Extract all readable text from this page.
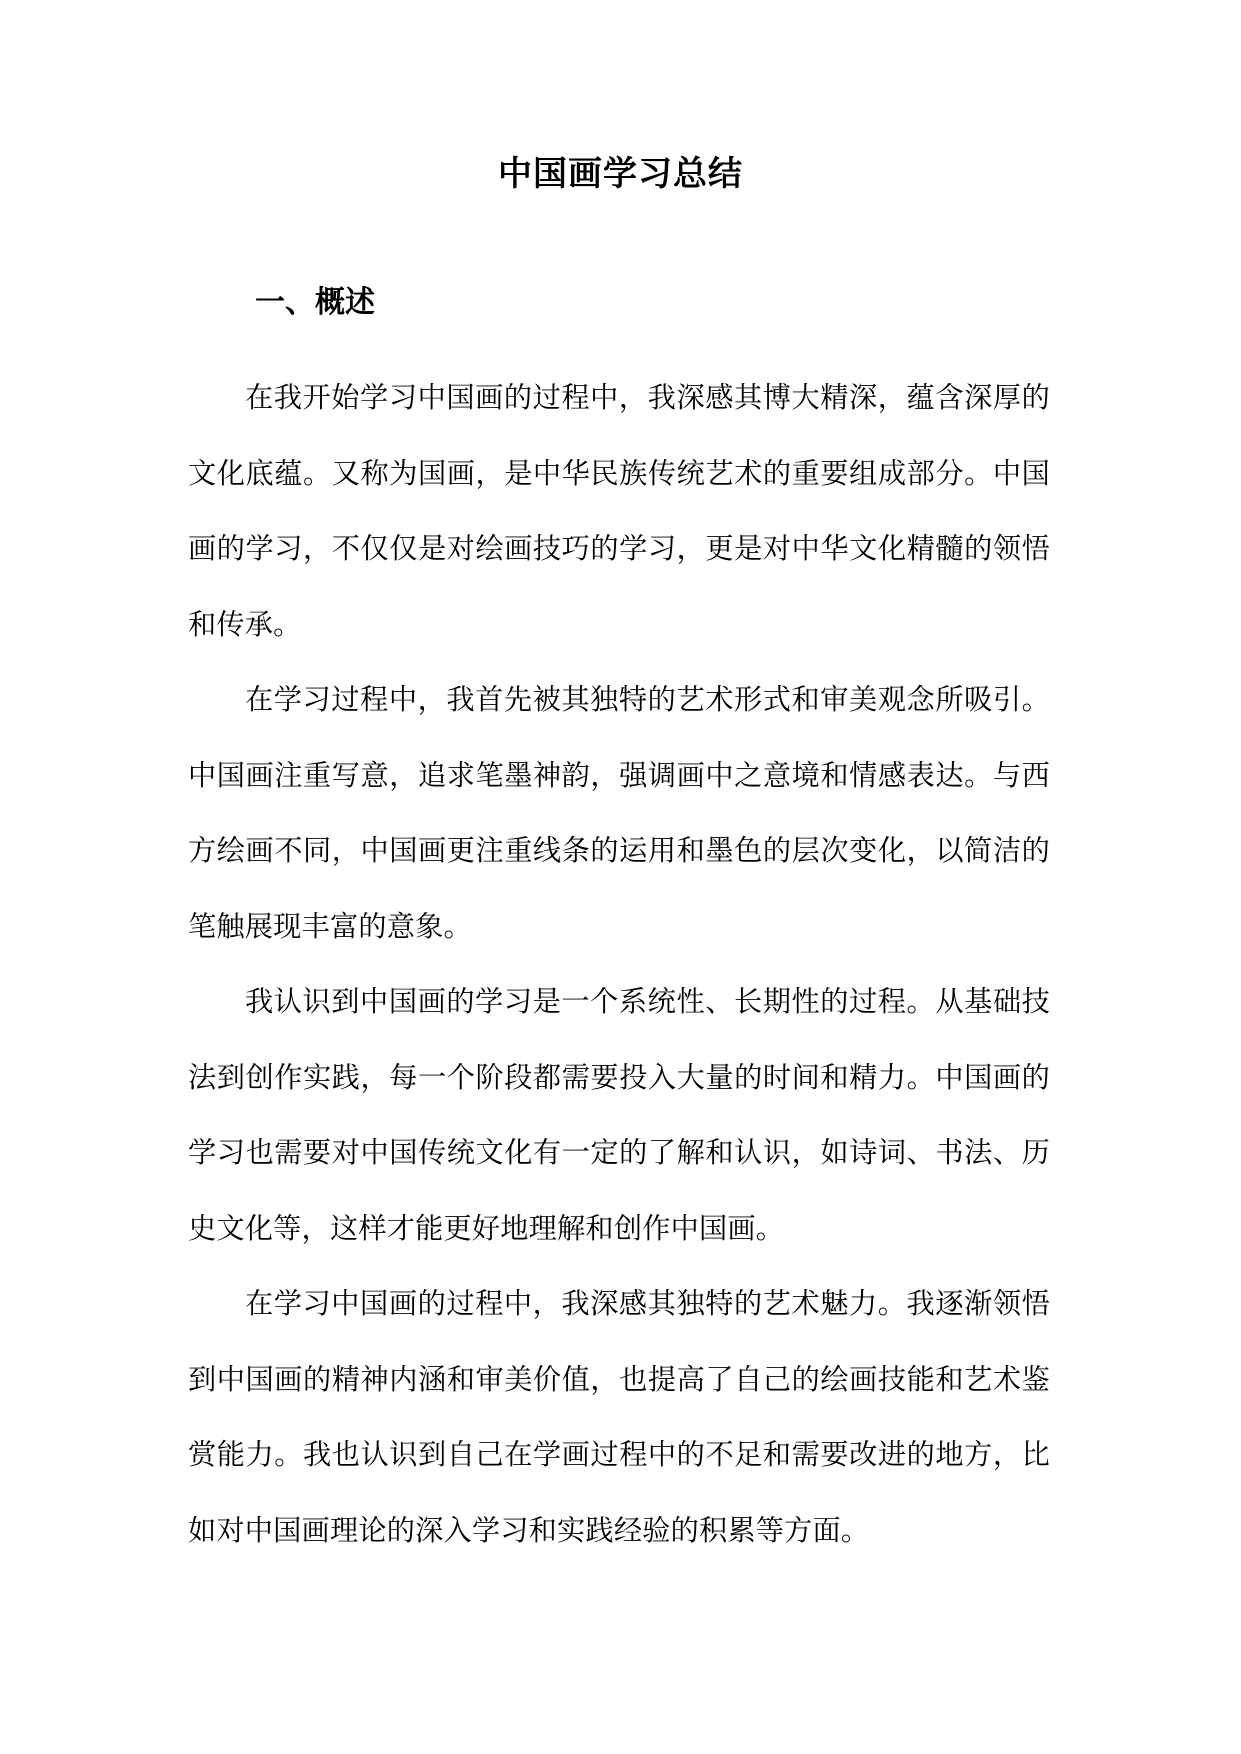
中国画学习总结
一、概述

在我开始学习中国画的过程中，我深感其博大精深，蕴含深厚的文化底蕴。又称为国画，是中华民族传统艺术的重要组成部分。中国画的学习，不仅仅是对绘画技巧的学习，更是对中华文化精髓的领悟和传承。

在学习过程中，我首先被其独特的艺术形式和审美观念所吸引。中国画注重写意，追求笔墨神韵，强调画中之意境和情感表达。与西方绘画不同，中国画更注重线条的运用和墨色的层次变化，以简洁的笔触展现丰富的意象。

我认识到中国画的学习是一个系统性、长期性的过程。从基础技法到创作实践，每一个阶段都需要投入大量的时间和精力。中国画的学习也需要对中国传统文化有一定的了解和认识，如诗词、书法、历史文化等，这样才能更好地理解和创作中国画。

在学习中国画的过程中，我深感其独特的艺术魅力。我逐渐领悟到中国画的精神内涵和审美价值，也提高了自己的绘画技能和艺术鉴赏能力。我也认识到自己在学画过程中的不足和需要改进的地方，比如对中国画理论的深入学习和实践经验的积累等方面。
